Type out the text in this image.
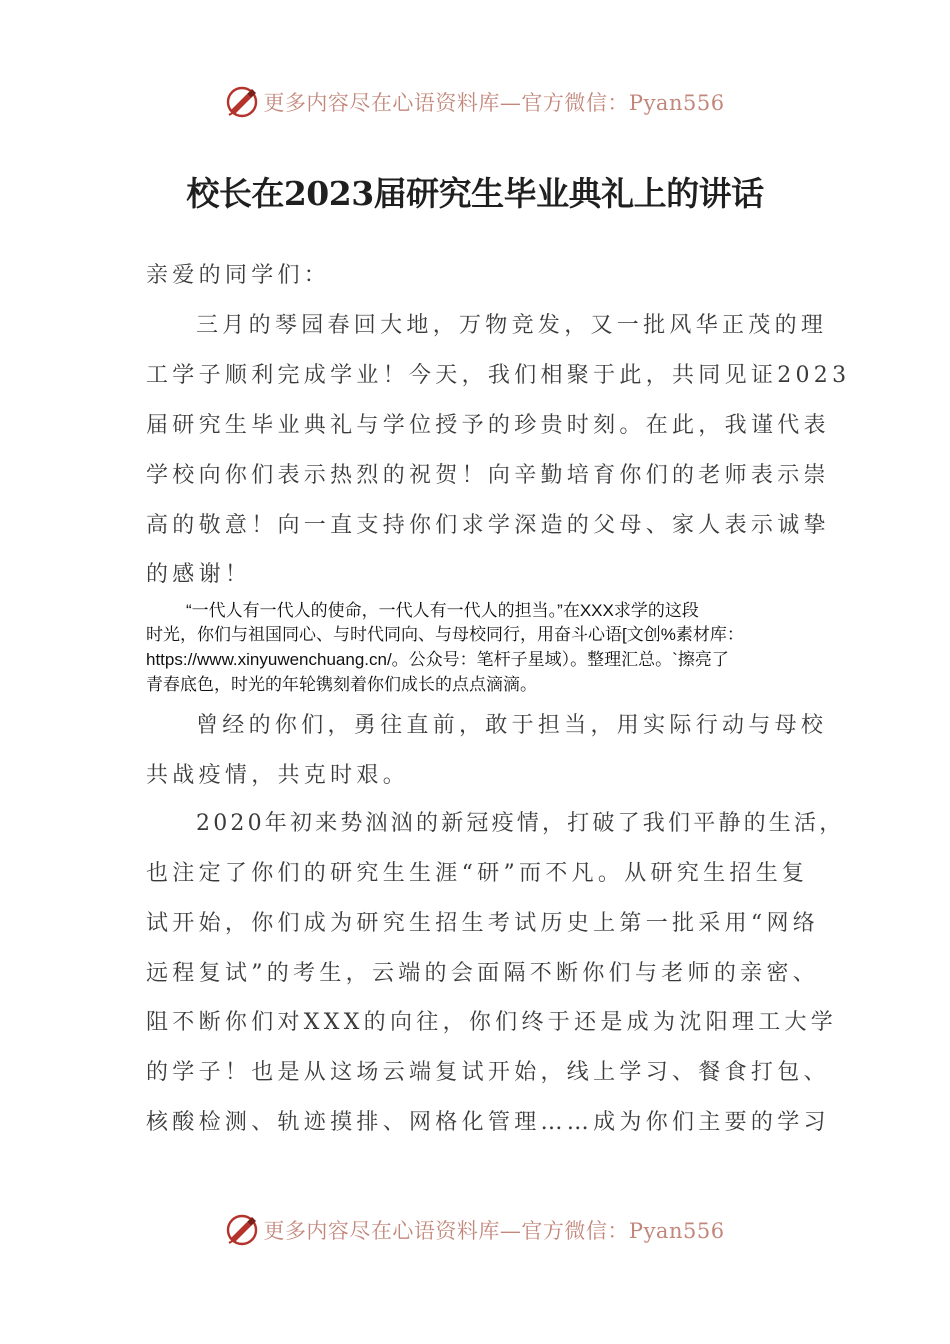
更多内容尽在心语资料库—官方微信：Pyan556
校长在2023届研究生毕业典礼上的讲话

亲爱的同学们：

三月的琴园春回大地，万物竞发，又一批风华正茂的理

工学子顺利完成学业！今天，我们相聚于此，共同见证2023

届研究生毕业典礼与学位授予的珍贵时刻。在此，我谨代表

学校向你们表示热烈的祝贺！向辛勤培育你们的老师表示崇

高的敬意！向一直支持你们求学深造的父母、家人表示诚挚

的感谢！

“一代人有一代人的使命，一代人有一代人的担当。”在XXX求学的这段

时光，你们与祖国同心、与时代同向、与母校同行，用奋斗心语[文创%素材库：

https://www.xinyuwenchuang.cn/。公众号：笔杆子星域）。整理汇总。`擦亮了

青春底色，时光的年轮镌刻着你们成长的点点滴滴。

曾经的你们，勇往直前，敢于担当，用实际行动与母校

共战疫情，共克时艰。

2020年初来势汹汹的新冠疫情，打破了我们平静的生活，

也注定了你们的研究生生涯“研”而不凡。从研究生招生复

试开始，你们成为研究生招生考试历史上第一批采用“网络

远程复试”的考生，云端的会面隔不断你们与老师的亲密、

阻不断你们对XXX的向往，你们终于还是成为沈阳理工大学

的学子！也是从这场云端复试开始，线上学习、餐食打包、

核酸检测、轨迹摸排、网格化管理……成为你们主要的学习

更多内容尽在心语资料库—官方微信：Pyan556
